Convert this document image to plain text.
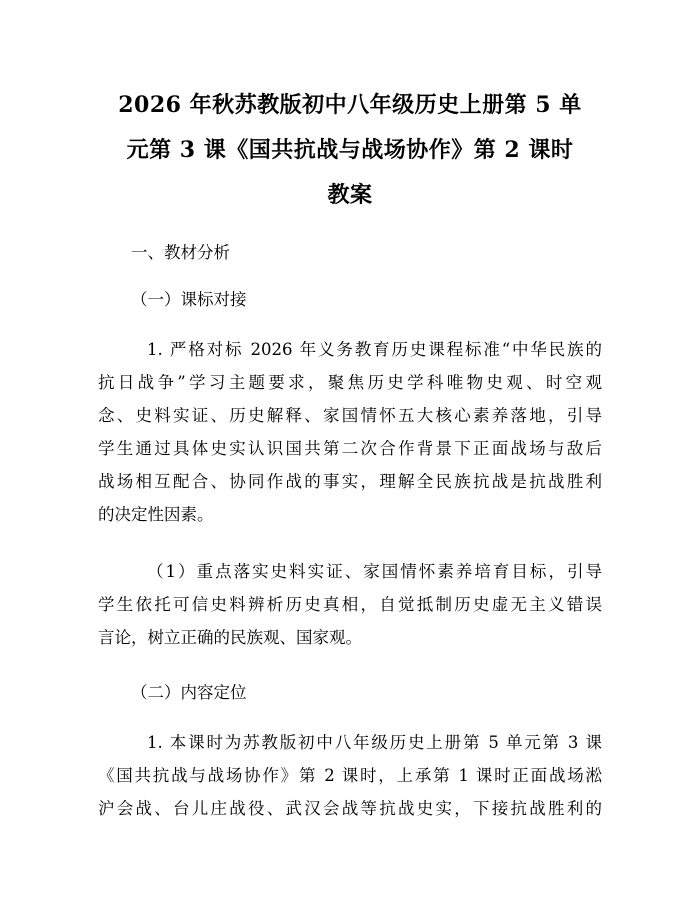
2026 年秋苏教版初中八年级历史上册第 5 单
元第 3 课《国共抗战与战场协作》第 2 课时
教案
一、教材分析
（一）课标对接
1. 严格对标 2026 年义务教育历史课程标准“中华民族的
抗日战争”学习主题要求，聚焦历史学科唯物史观、时空观
念、史料实证、历史解释、家国情怀五大核心素养落地，引导
学生通过具体史实认识国共第二次合作背景下正面战场与敌后
战场相互配合、协同作战的事实，理解全民族抗战是抗战胜利
的决定性因素。
（1）重点落实史料实证、家国情怀素养培育目标，引导
学生依托可信史料辨析历史真相，自觉抵制历史虚无主义错误
言论，树立正确的民族观、国家观。
（二）内容定位
1. 本课时为苏教版初中八年级历史上册第 5 单元第 3 课
《国共抗战与战场协作》第 2 课时，上承第 1 课时正面战场淞
沪会战、台儿庄战役、武汉会战等抗战史实，下接抗战胜利的
